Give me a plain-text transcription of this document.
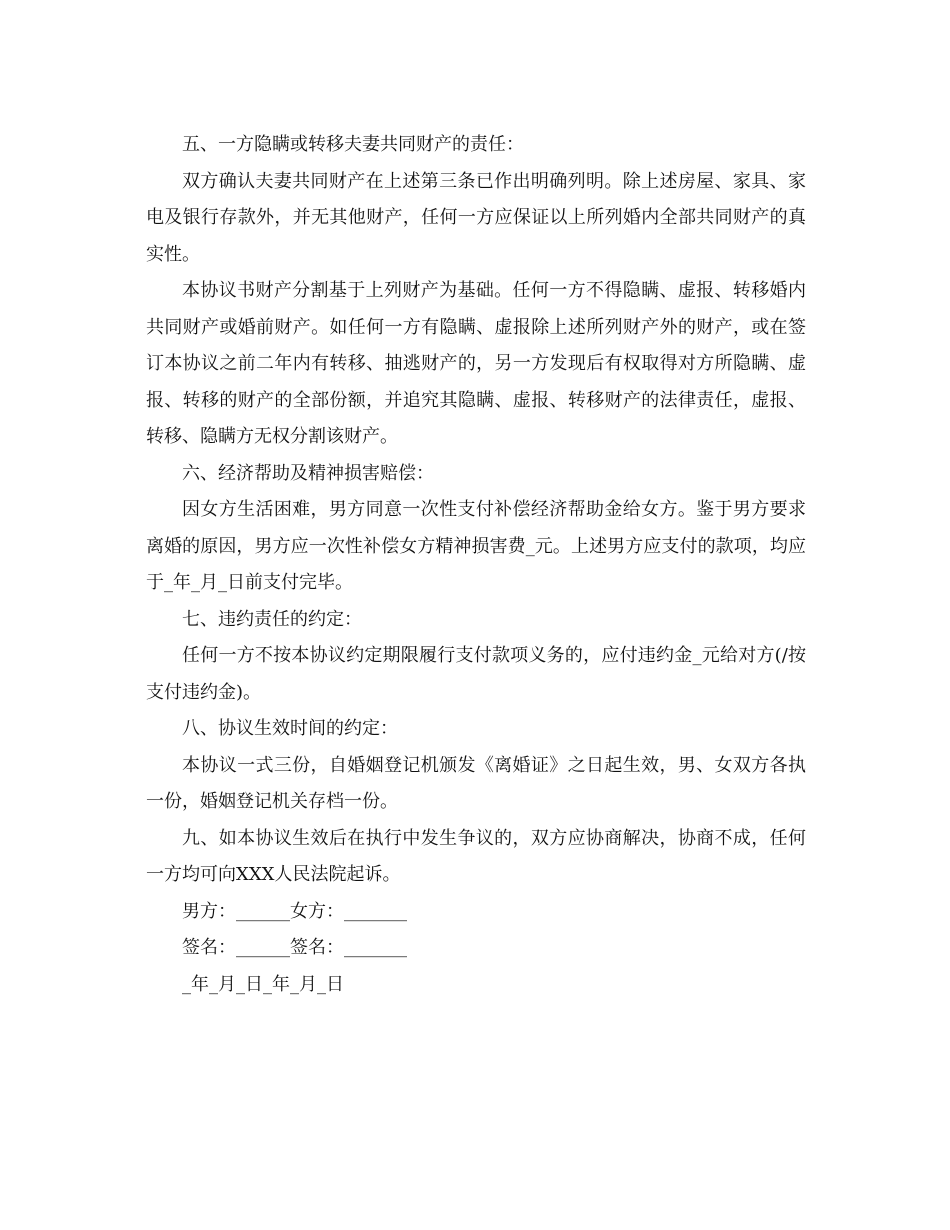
五、一方隐瞒或转移夫妻共同财产的责任：

双方确认夫妻共同财产在上述第三条已作出明确列明。除上述房屋、家具、家电及银行存款外，并无其他财产，任何一方应保证以上所列婚内全部共同财产的真实性。

本协议书财产分割基于上列财产为基础。任何一方不得隐瞒、虚报、转移婚内共同财产或婚前财产。如任何一方有隐瞒、虚报除上述所列财产外的财产，或在签订本协议之前二年内有转移、抽逃财产的，另一方发现后有权取得对方所隐瞒、虚报、转移的财产的全部份额，并追究其隐瞒、虚报、转移财产的法律责任，虚报、转移、隐瞒方无权分割该财产。

六、经济帮助及精神损害赔偿：

因女方生活困难，男方同意一次性支付补偿经济帮助金给女方。鉴于男方要求离婚的原因，男方应一次性补偿女方精神损害费_元。上述男方应支付的款项，均应于_年_月_日前支付完毕。

七、违约责任的约定：

任何一方不按本协议约定期限履行支付款项义务的，应付违约金_元给对方(/按支付违约金)。

八、协议生效时间的约定：

本协议一式三份，自婚姻登记机颁发《离婚证》之日起生效，男、女双方各执一份，婚姻登记机关存档一份。

九、如本协议生效后在执行中发生争议的，双方应协商解决，协商不成，任何一方均可向XXX人民法院起诉。

男方：______女方：_______

签名：______签名：_______

_年_月_日_年_月_日
